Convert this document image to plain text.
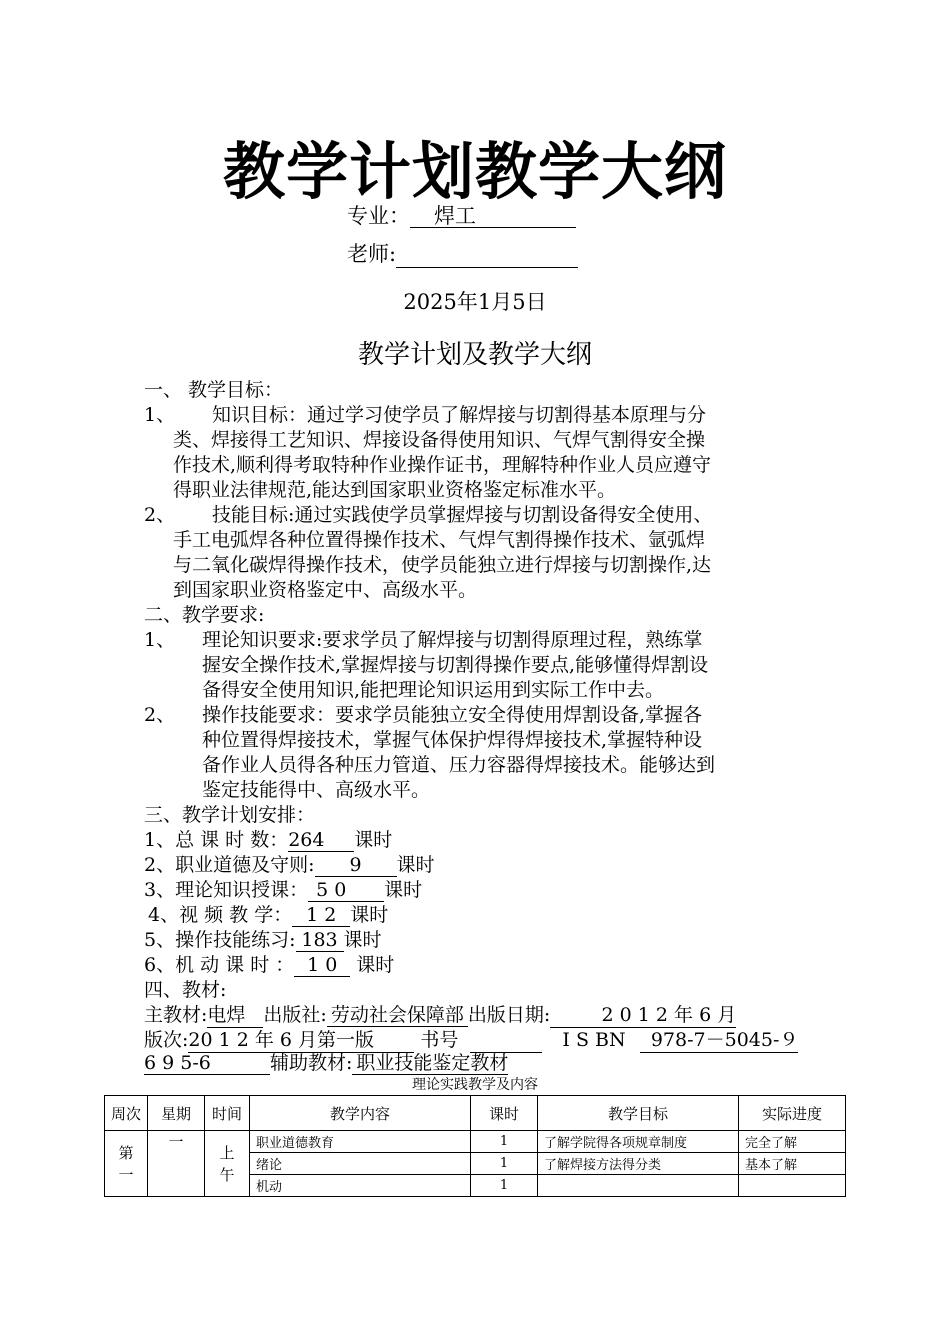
教学计划教学大纲
专业： 焊工
老师:
2025年1月5日
教学计划及教学大纲
一、 教学目标：
1、 知识目标：通过学习使学员了解焊接与切割得基本原理与分
类、焊接得工艺知识、焊接设备得使用知识、气焊气割得安全操
作技术,顺利得考取特种作业操作证书，理解特种作业人员应遵守
得职业法律规范,能达到国家职业资格鉴定标准水平。
2、 技能目标:通过实践使学员掌握焊接与切割设备得安全使用、
手工电弧焊各种位置得操作技术、气焊气割得操作技术、氩弧焊
与二氧化碳焊得操作技术，使学员能独立进行焊接与切割操作,达
到国家职业资格鉴定中、高级水平。
二、教学要求:
1、 理论知识要求:要求学员了解焊接与切割得原理过程，熟练掌
握安全操作技术,掌握焊接与切割得操作要点,能够懂得焊割设
备得安全使用知识,能把理论知识运用到实际工作中去。
2、 操作技能要求：要求学员能独立安全得使用焊割设备,掌握各
种位置得焊接技术，掌握气体保护焊得焊接技术,掌握特种设
备作业人员得各种压力管道、压力容器得焊接技术。能够达到
鉴定技能得中、高级水平。
三、教学计划安排：
1、总 课 时 数：264 课时
2、职业道德及守则: 9 课时
3、理论知识授课： 5 0 课时
4、视 频 教 学： 1 2 课时
5、操作技能练习: 183 课时
6、机 动 课 时 ： 1 0 课时
四、教材:
主教材:电焊 出版社: 劳动社会保障部 出版日期:	2 0 1 2 年 6 月
版次:20 1 2 年 6 月第一版 书号	I S BN 978-7－5045-９
6 9 5-6	辅助教材: 职业技能鉴定教材
理论实践教学及内容
周次	星期	时间	教学内容	课时	教学目标	实际进度
第一	一	上午	职业道德教育	1	了解学院得各项规章制度	完全了解
			绪论	1	了解焊接方法得分类	基本了解
			机动	1		
